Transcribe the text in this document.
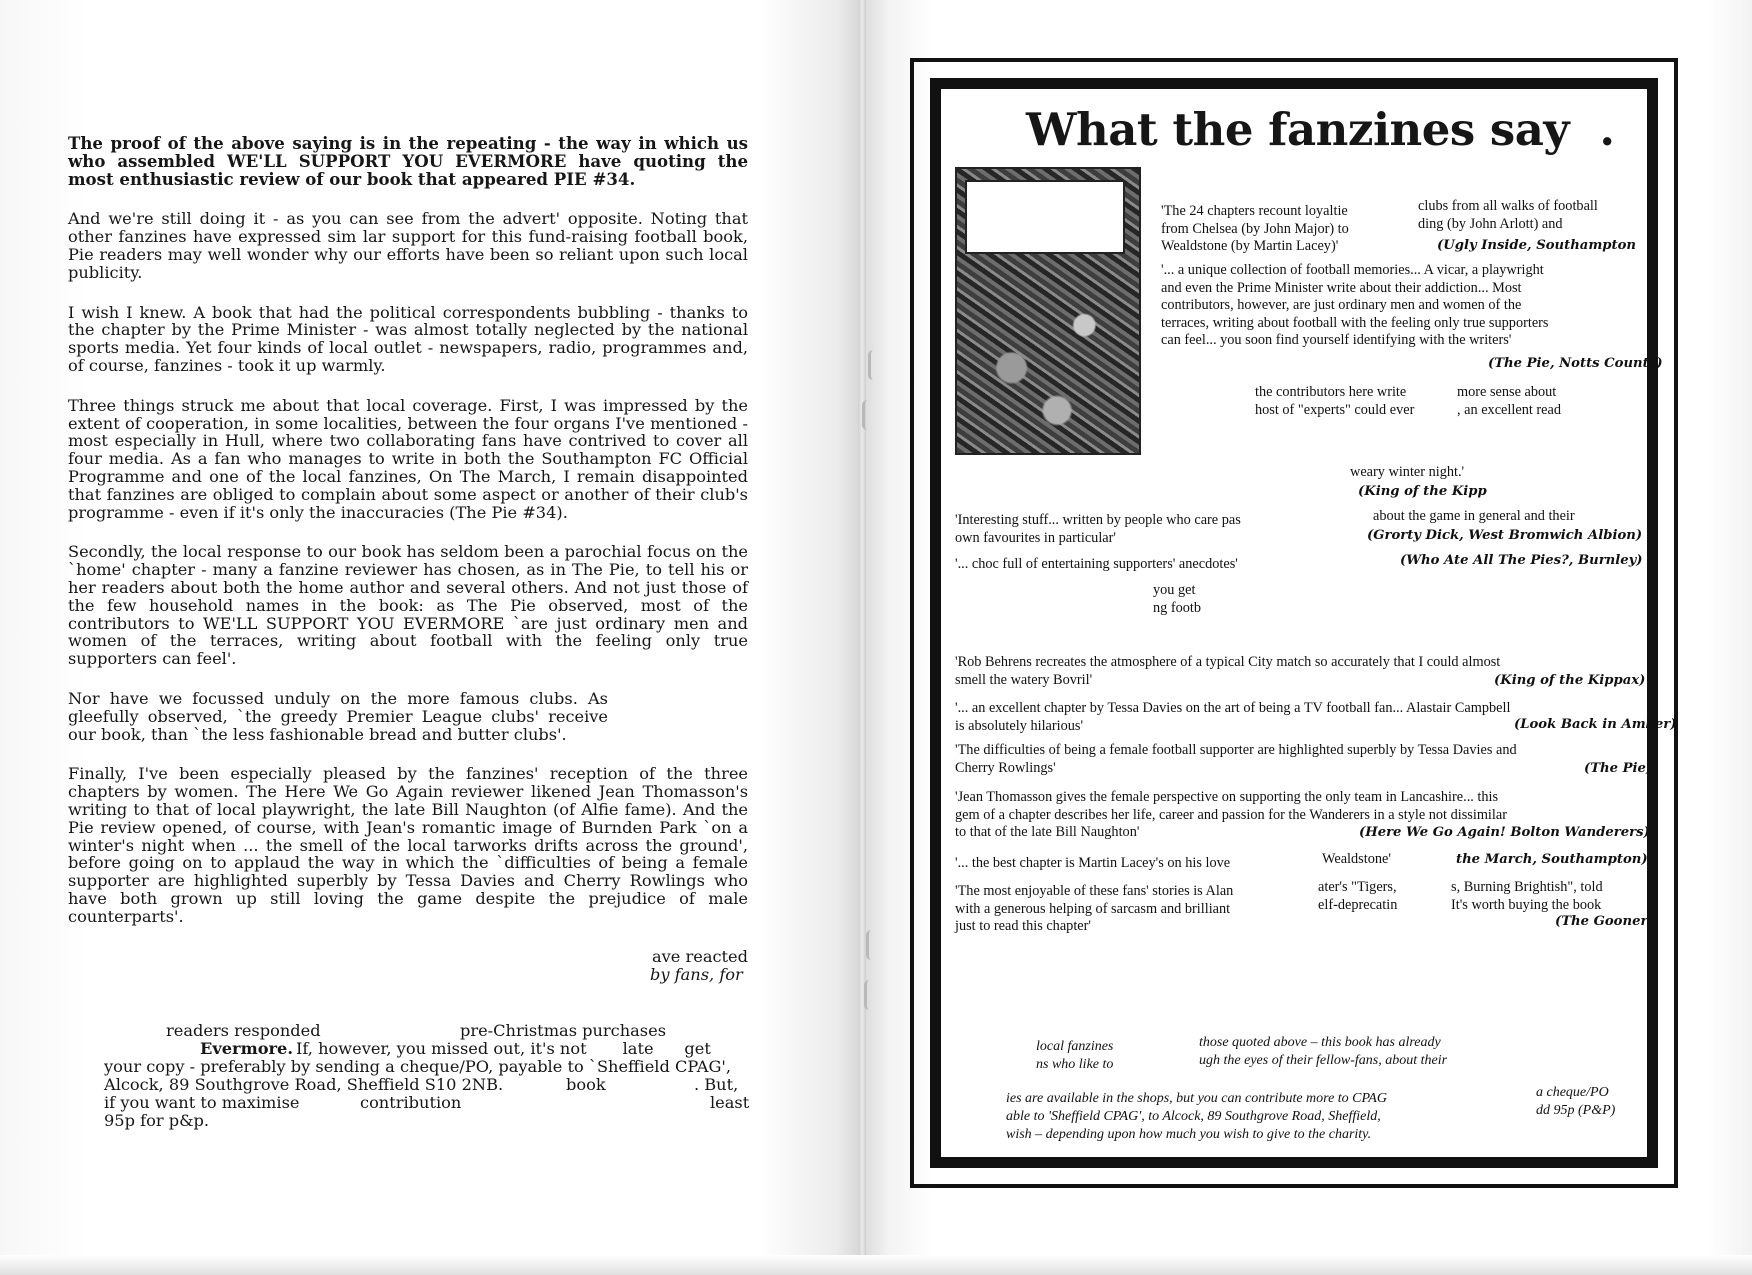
The proof of the above saying is in the repeating - the way in which us who assembled WE'LL SUPPORT YOU EVERMORE have quoting the most enthusiastic review of our book that appeared PIE #34.

And we're still doing it - as you can see from the advert' opposite. Noting that other fanzines have expressed sim lar support for this fund-raising football book, Pie readers may well wonder why our efforts have been so reliant upon such local publicity.

I wish I knew. A book that had the political correspondents bubbling - thanks to the chapter by the Prime Minister - was almost totally neglected by the national sports media. Yet four kinds of local outlet - newspapers, radio, programmes and, of course, fanzines - took it up warmly.

Three things struck me about that local coverage. First, I was impressed by the extent of cooperation, in some localities, between the four organs I've mentioned - most especially in Hull, where two collaborating fans have contrived to cover all four media. As a fan who manages to write in both the Southampton FC Official Programme and one of the local fanzines, On The March, I remain disappointed that fanzines are obliged to complain about some aspect or another of their club's programme - even if it's only the inaccuracies (The Pie #34).

Secondly, the local response to our book has seldom been a parochial focus on the `home' chapter - many a fanzine reviewer has chosen, as in The Pie, to tell his or her readers about both the home author and several others. And not just those of the few household names in the book: as The Pie observed, most of the contributors to WE'LL SUPPORT YOU EVERMORE `are just ordinary men and women of the terraces, writing about football with the feeling only true supporters can feel'.

Nor have we focussed unduly on the more famous clubs. As gleefully observed, `the greedy Premier League clubs' receive our book, than `the less fashionable bread and butter clubs'.

Finally, I've been especially pleased by the fanzines' reception of the three chapters by women. The Here We Go Again reviewer likened Jean Thomasson's writing to that of local playwright, the late Bill Naughton (of Alfie fame). And the Pie review opened, of course, with Jean's romantic image of Burnden Park `on a winter's night when ... the smell of the local tarworks drifts across the ground', before going on to applaud the way in which the `difficulties of being a female supporter are highlighted superbly by Tessa Davies and Cherry Rowlings who have both grown up still loving the game despite the prejudice of male counterparts'.

ave reacted
by fans, for
readers responded	pre-Christmas purchases
Evermore. If, however, you missed out, it's not       late      get
your copy - preferably by sending a cheque/PO, payable to `Sheffield CPAG',
Alcock, 89 Southgrove Road, Sheffield S10 2NB.	book	. But,
if you want to maximise	contribution	least
95p for p&p.
What the fanzines say  .
'The 24 chapters recount loyaltie
from Chelsea (by John Major) to
Wealdstone (by Martin Lacey)'
clubs from all walks of football
ding (by John Arlott) and
(Ugly Inside, Southampton
'... a unique collection of football memories... A vicar, a playwright
and even the Prime Minister write about their addiction... Most
contributors, however, are just ordinary men and women of the
terraces, writing about football with the feeling only true supporters
can feel... you soon find yourself identifying with the writers'
(The Pie, Notts County)
the contributors here write
host of "experts" could ever
more sense about
, an excellent read
weary winter night.'
(King of the Kipp
'Interesting stuff... written by people who care pas
own favourites in particular'
about the game in general and their
(Grorty Dick, West Bromwich Albion)
'... choc full of entertaining supporters' anecdotes'	(Who Ate All The Pies?, Burnley)
you get
ng footb
'Rob Behrens recreates the atmosphere of a typical City match so accurately that I could almost
smell the watery Bovril'	(King of the Kippax)
'... an excellent chapter by Tessa Davies on the art of being a TV football fan... Alastair Campbell
is absolutely hilarious'	(Look Back in Amber)
'The difficulties of being a female football supporter are highlighted superbly by Tessa Davies and
Cherry Rowlings'	(The Pie)
'Jean Thomasson gives the female perspective on supporting the only team in Lancashire... this
gem of a chapter describes her life, career and passion for the Wanderers in a style not dissimilar
to that of the late Bill Naughton'	(Here We Go Again! Bolton Wanderers)
'... the best chapter is Martin Lacey's on his love	Wealdstone'	the March, Southampton)
'The most enjoyable of these fans' stories is Alan
with a generous helping of sarcasm and brilliant
just to read this chapter'
ater's "Tigers,
elf-deprecatin
s, Burning Brightish", told
It's worth buying the book
(The Gooner)
local fanzines
ns who like to
those quoted above – this book has already
ugh the eyes of their fellow-fans, about their
ies are available in the shops, but you can contribute more to CPAG
able to 'Sheffield CPAG', to Alcock, 89 Southgrove Road, Sheffield,
wish – depending upon how much you wish to give to the charity.
a cheque/PO
dd 95p (P&P)
